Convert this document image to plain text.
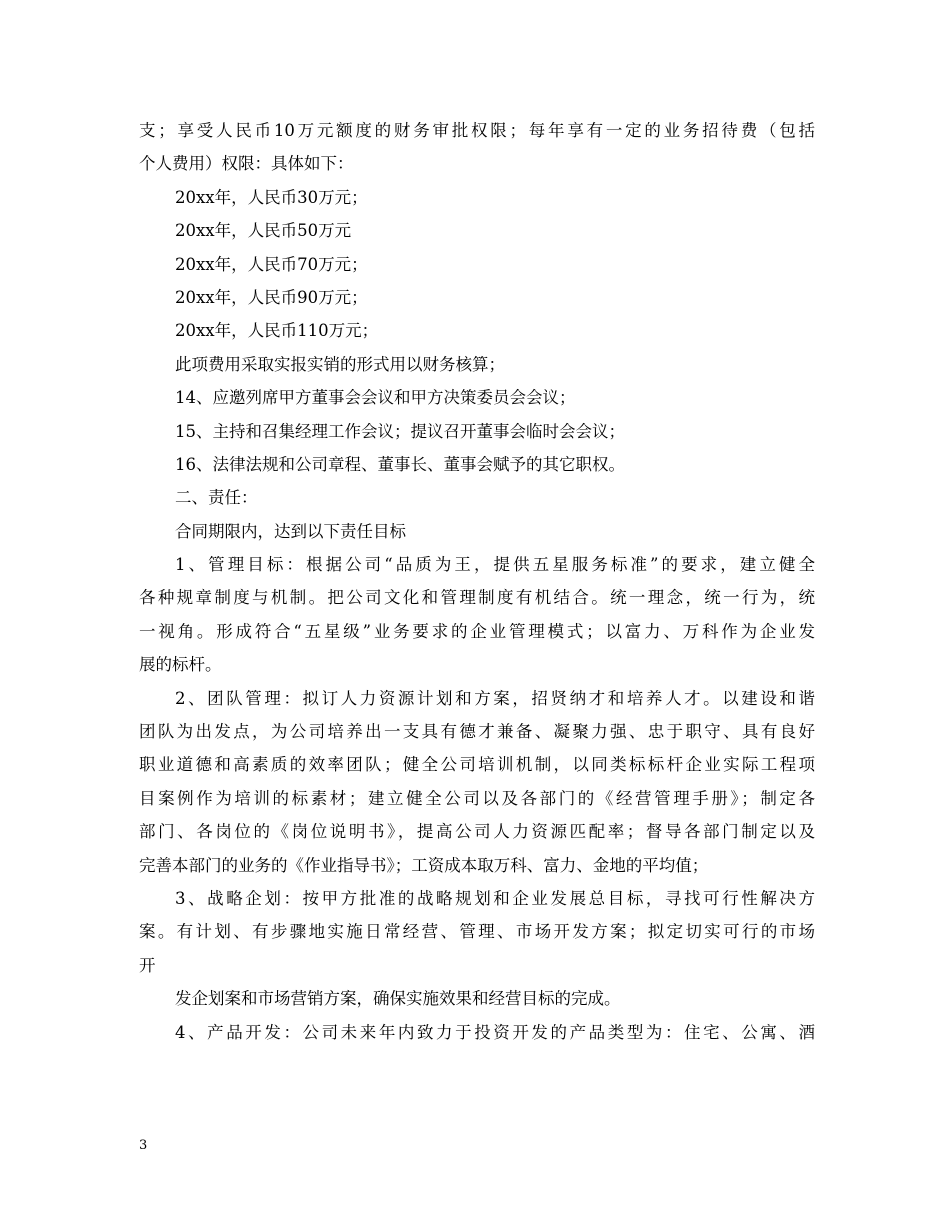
支；享受人民币10万元额度的财务审批权限；每年享有一定的业务招待费（包括

个人费用）权限：具体如下：

20xx年，人民币30万元；

20xx年，人民币50万元

20xx年，人民币70万元；

20xx年，人民币90万元；

20xx年，人民币110万元；

此项费用采取实报实销的形式用以财务核算；

14、应邀列席甲方董事会会议和甲方决策委员会会议；

15、主持和召集经理工作会议；提议召开董事会临时会会议；

16、法律法规和公司章程、董事长、董事会赋予的其它职权。

二、责任：

合同期限内，达到以下责任目标

1、管理目标：根据公司“品质为王，提供五星服务标准”的要求，建立健全

各种规章制度与机制。把公司文化和管理制度有机结合。统一理念，统一行为，统

一视角。形成符合“五星级”业务要求的企业管理模式；以富力、万科作为企业发

展的标杆。

2、团队管理：拟订人力资源计划和方案，招贤纳才和培养人才。以建设和谐

团队为出发点，为公司培养出一支具有德才兼备、凝聚力强、忠于职守、具有良好

职业道德和高素质的效率团队；健全公司培训机制，以同类标标杆企业实际工程项

目案例作为培训的标素材；建立健全公司以及各部门的《经营管理手册》；制定各

部门、各岗位的《岗位说明书》，提高公司人力资源匹配率；督导各部门制定以及

完善本部门的业务的《作业指导书》；工资成本取万科、富力、金地的平均值；

3、战略企划：按甲方批准的战略规划和企业发展总目标，寻找可行性解决方

案。有计划、有步骤地实施日常经营、管理、市场开发方案；拟定切实可行的市场

开

发企划案和市场营销方案，确保实施效果和经营目标的完成。

4、产品开发：公司未来年内致力于投资开发的产品类型为：住宅、公寓、酒

3
